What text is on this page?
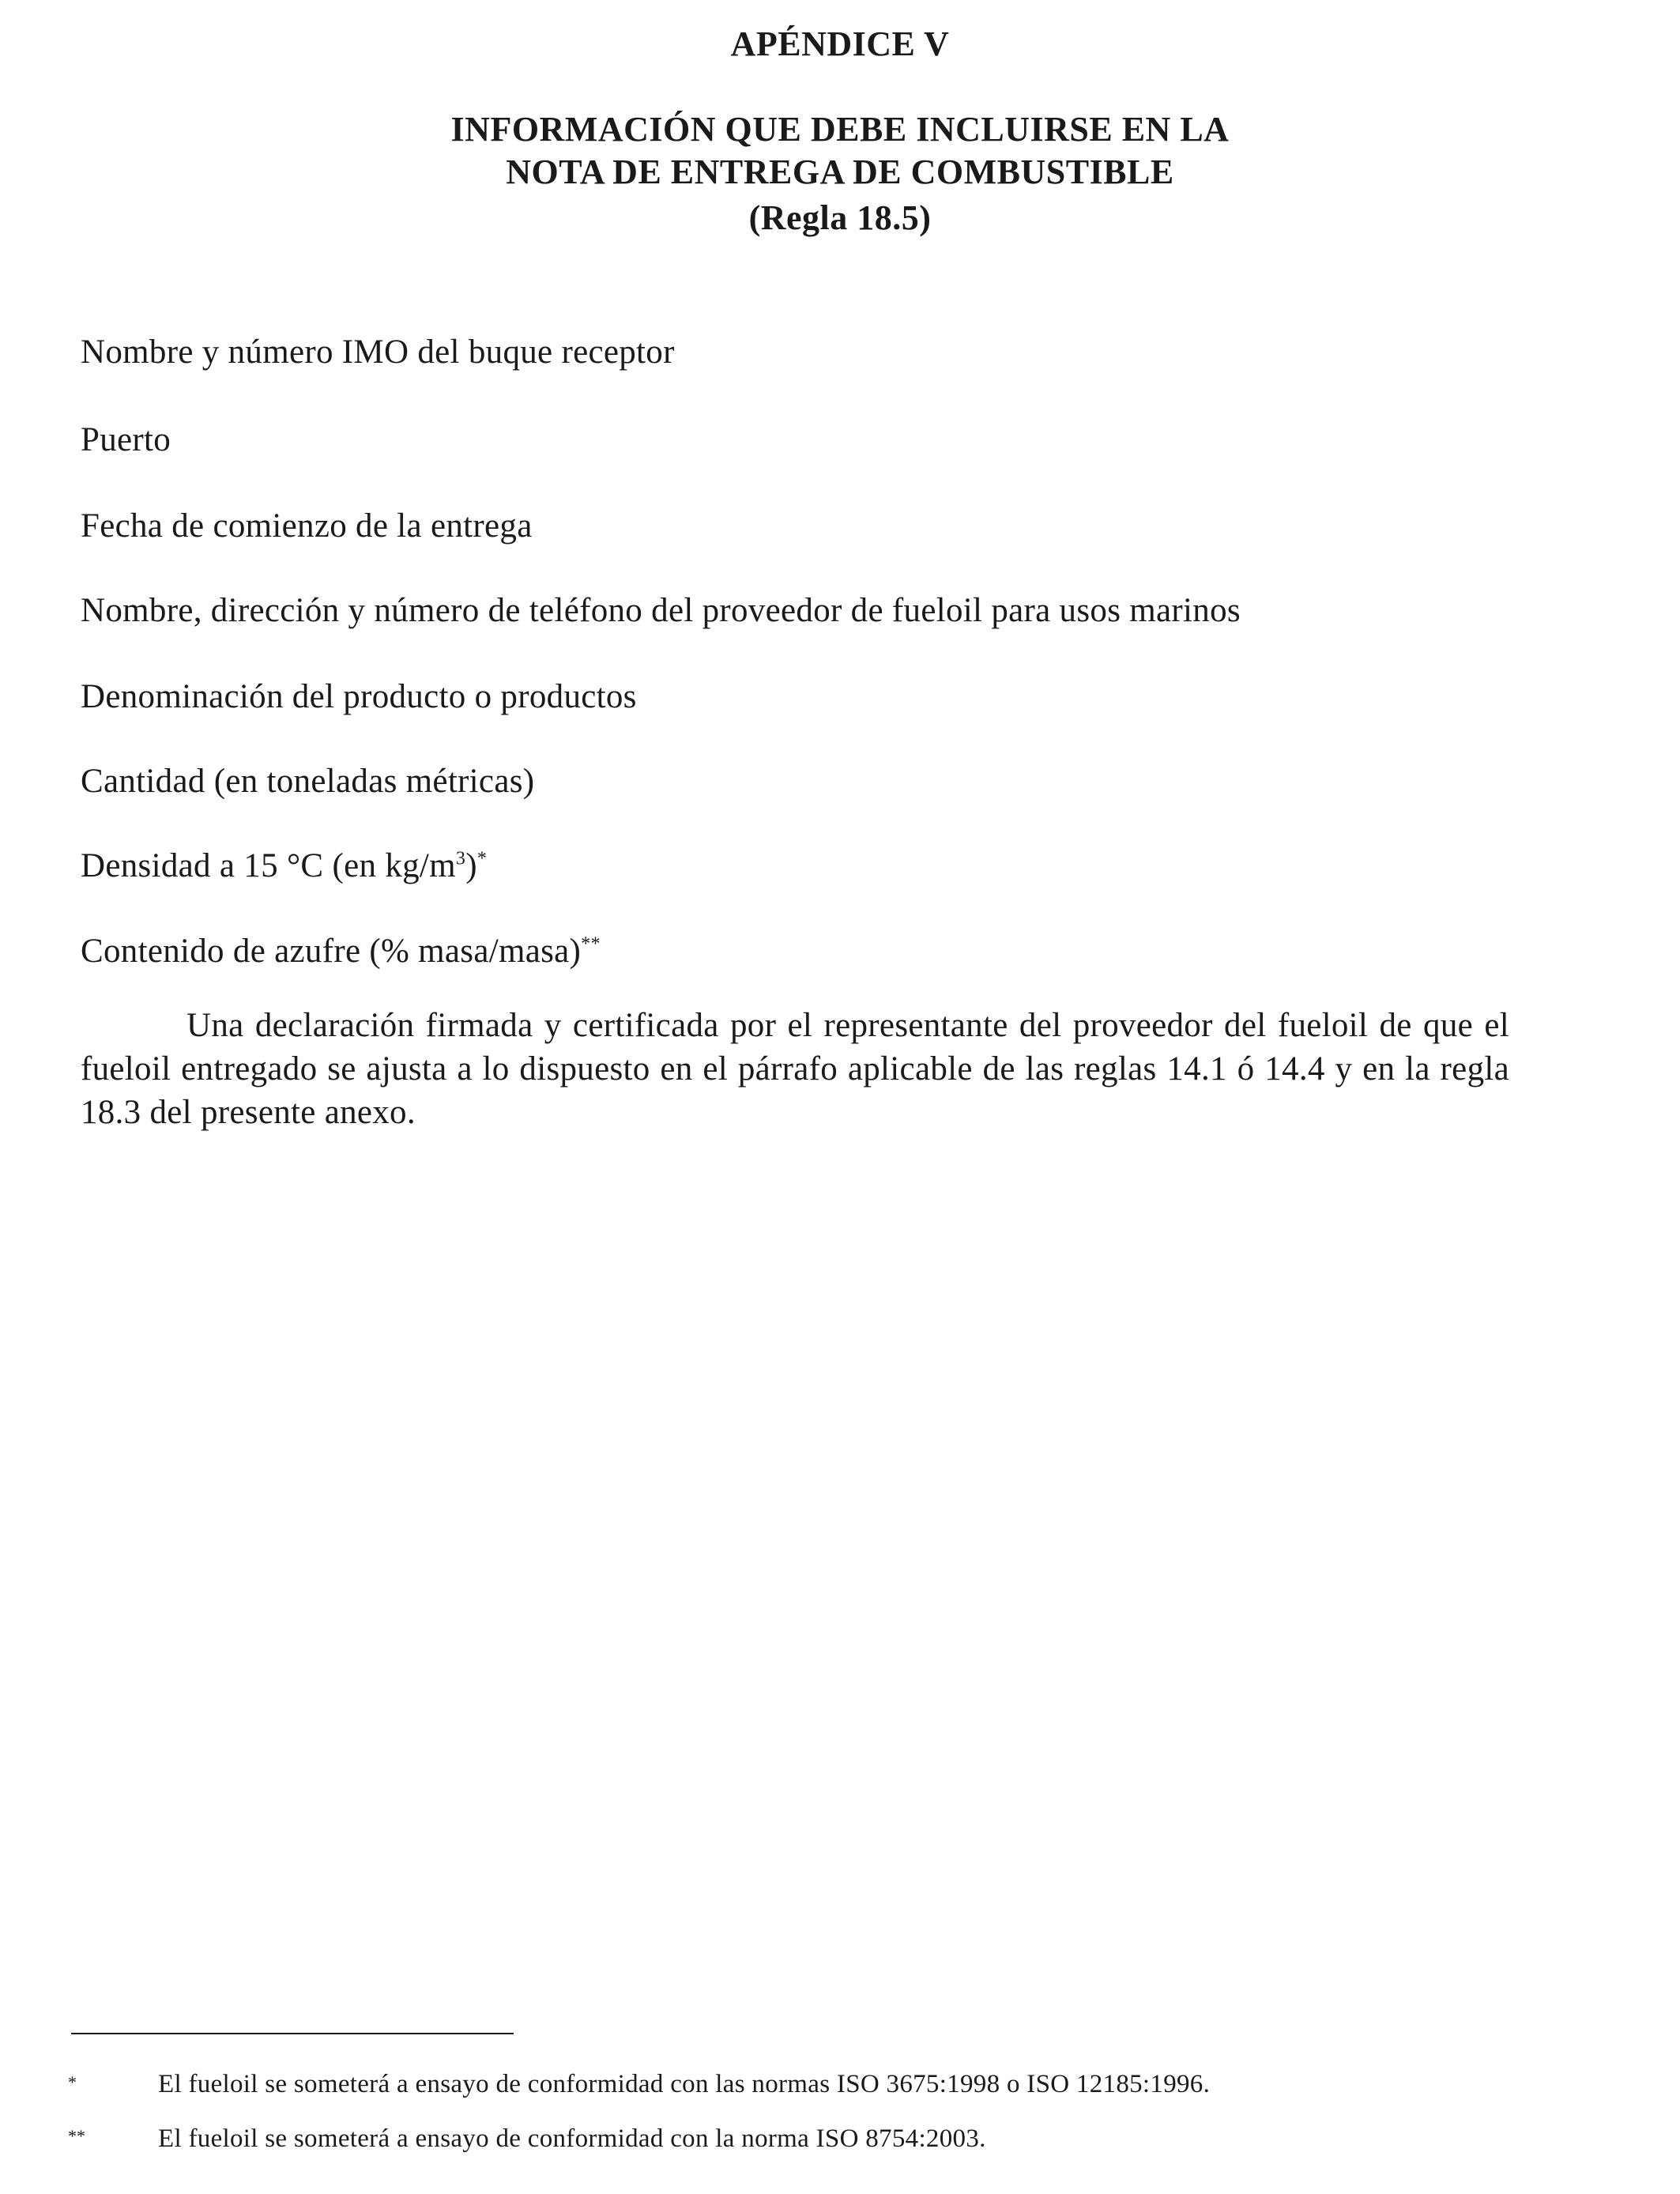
APÉNDICE V
INFORMACIÓN QUE DEBE INCLUIRSE EN LA
NOTA DE ENTREGA DE COMBUSTIBLE
(Regla 18.5)
Nombre y número IMO del buque receptor
Puerto
Fecha de comienzo de la entrega
Nombre, dirección y número de teléfono del proveedor de fueloil para usos marinos
Denominación del producto o productos
Cantidad (en toneladas métricas)
Densidad a 15 °C (en $kg/m^3)^*$
Contenido de azufre (% masa/masa)**
Una declaración firmada y certificada por el representante del proveedor del fueloil de que el fueloil entregado se ajusta a lo dispuesto en el párrafo aplicable de las reglas 14.1 ó 14.4 y en la regla 18.3 del presente anexo.
*	El fueloil se someterá a ensayo de conformidad con las normas ISO 3675:1998 o ISO 12185:1996.
**	El fueloil se someterá a ensayo de conformidad con la norma ISO 8754:2003.
